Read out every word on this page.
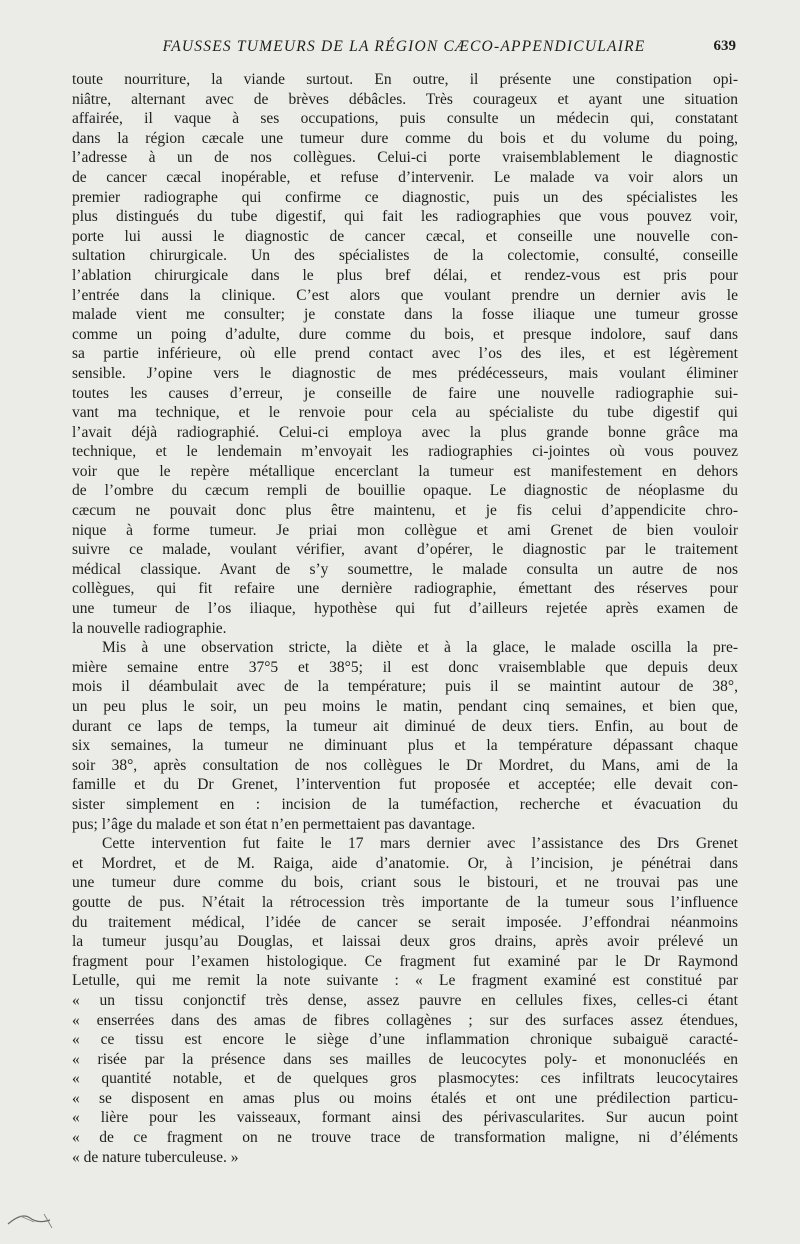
FAUSSES TUMEURS DE LA RÉGION CÆCO-APPENDICULAIRE	639
toute nourriture, la viande surtout. En outre, il présente une constipation opi-
niâtre, alternant avec de brèves débâcles. Très courageux et ayant une situation
affairée, il vaque à ses occupations, puis consulte un médecin qui, constatant
dans la région cæcale une tumeur dure comme du bois et du volume du poing,
l’adresse à un de nos collègues. Celui-ci porte vraisemblablement le diagnostic
de cancer cæcal inopérable, et refuse d’intervenir. Le malade va voir alors un
premier radiographe qui confirme ce diagnostic, puis un des spécialistes les
plus distingués du tube digestif, qui fait les radiographies que vous pouvez voir,
porte lui aussi le diagnostic de cancer cæcal, et conseille une nouvelle con-
sultation chirurgicale. Un des spécialistes de la colectomie, consulté, conseille
l’ablation chirurgicale dans le plus bref délai, et rendez-vous est pris pour
l’entrée dans la clinique. C’est alors que voulant prendre un dernier avis le
malade vient me consulter; je constate dans la fosse iliaque une tumeur grosse
comme un poing d’adulte, dure comme du bois, et presque indolore, sauf dans
sa partie inférieure, où elle prend contact avec l’os des iles, et est légèrement
sensible. J’opine vers le diagnostic de mes prédécesseurs, mais voulant éliminer
toutes les causes d’erreur, je conseille de faire une nouvelle radiographie sui-
vant ma technique, et le renvoie pour cela au spécialiste du tube digestif qui
l’avait déjà radiographié. Celui-ci employa avec la plus grande bonne grâce ma
technique, et le lendemain m’envoyait les radiographies ci-jointes où vous pouvez
voir que le repère métallique encerclant la tumeur est manifestement en dehors
de l’ombre du cæcum rempli de bouillie opaque. Le diagnostic de néoplasme du
cæcum ne pouvait donc plus être maintenu, et je fis celui d’appendicite chro-
nique à forme tumeur. Je priai mon collègue et ami Grenet de bien vouloir
suivre ce malade, voulant vérifier, avant d’opérer, le diagnostic par le traitement
médical classique. Avant de s’y soumettre, le malade consulta un autre de nos
collègues, qui fit refaire une dernière radiographie, émettant des réserves pour
une tumeur de l’os iliaque, hypothèse qui fut d’ailleurs rejetée après examen de
la nouvelle radiographie.
Mis à une observation stricte, la diète et à la glace, le malade oscilla la pre-
mière semaine entre 37°5 et 38°5; il est donc vraisemblable que depuis deux
mois il déambulait avec de la température; puis il se maintint autour de 38°,
un peu plus le soir, un peu moins le matin, pendant cinq semaines, et bien que,
durant ce laps de temps, la tumeur ait diminué de deux tiers. Enfin, au bout de
six semaines, la tumeur ne diminuant plus et la température dépassant chaque
soir 38°, après consultation de nos collègues le Dr Mordret, du Mans, ami de la
famille et du Dr Grenet, l’intervention fut proposée et acceptée; elle devait con-
sister simplement en : incision de la tuméfaction, recherche et évacuation du
pus; l’âge du malade et son état n’en permettaient pas davantage.
Cette intervention fut faite le 17 mars dernier avec l’assistance des Drs Grenet
et Mordret, et de M. Raiga, aide d’anatomie. Or, à l’incision, je pénétrai dans
une tumeur dure comme du bois, criant sous le bistouri, et ne trouvai pas une
goutte de pus. N’était la rétrocession très importante de la tumeur sous l’influence
du traitement médical, l’idée de cancer se serait imposée. J’effondrai néanmoins
la tumeur jusqu’au Douglas, et laissai deux gros drains, après avoir prélevé un
fragment pour l’examen histologique. Ce fragment fut examiné par le Dr Raymond
Letulle, qui me remit la note suivante : « Le fragment examiné est constitué par
« un tissu conjonctif très dense, assez pauvre en cellules fixes, celles-ci étant
« enserrées dans des amas de fibres collagènes ; sur des surfaces assez étendues,
« ce tissu est encore le siège d’une inflammation chronique subaiguë caracté-
« risée par la présence dans ses mailles de leucocytes poly- et mononucléés en
« quantité notable, et de quelques gros plasmocytes: ces infiltrats leucocytaires
« se disposent en amas plus ou moins étalés et ont une prédilection particu-
« lière pour les vaisseaux, formant ainsi des périvascularites. Sur aucun point
« de ce fragment on ne trouve trace de transformation maligne, ni d’éléments
« de nature tuberculeuse. »
